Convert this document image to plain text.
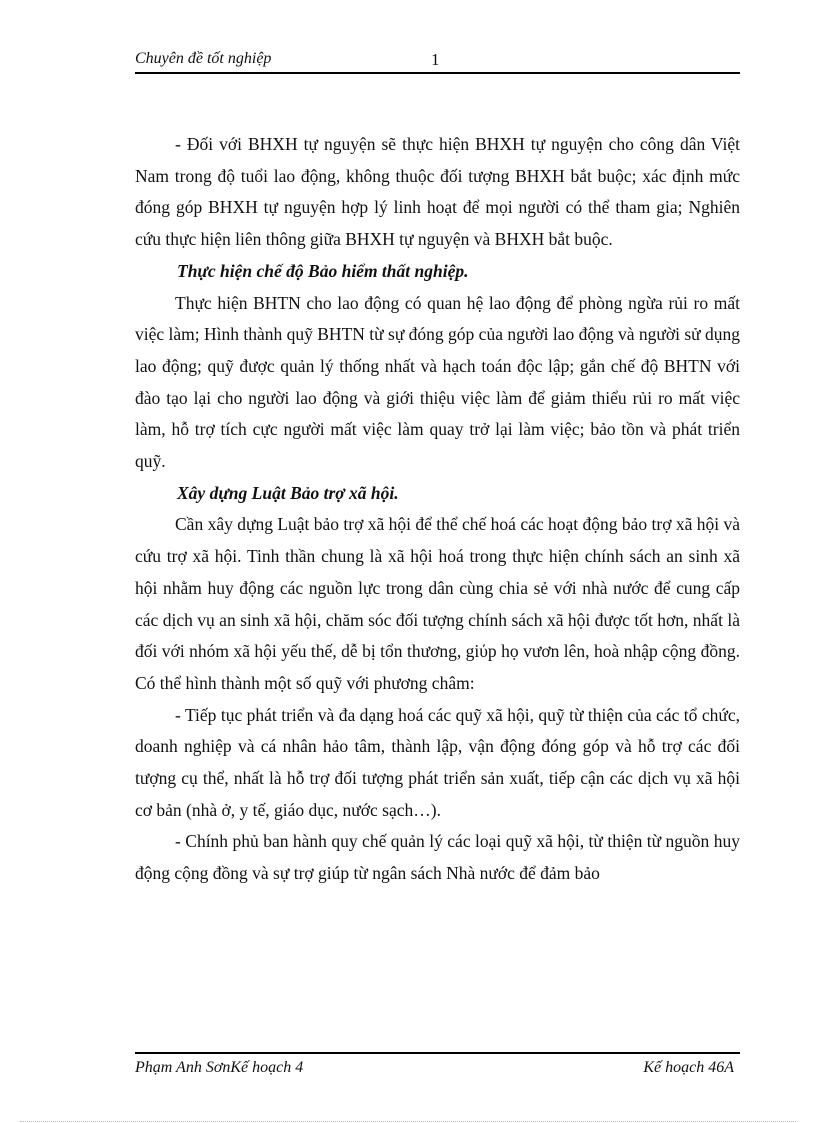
Chuyên đề tốt nghiệp	1

- Đối với BHXH tự nguyện sẽ thực hiện BHXH tự nguyện cho công dân Việt Nam trong độ tuổi lao động, không thuộc đối tượng BHXH bắt buộc; xác định mức đóng góp BHXH tự nguyện hợp lý linh hoạt để mọi người có thể tham gia; Nghiên cứu thực hiện liên thông giữa BHXH tự nguyện và BHXH bắt buộc.

Thực hiện chế độ Bảo hiểm thất nghiệp.

Thực hiện BHTN cho lao động có quan hệ lao động để phòng ngừa rủi ro mất việc làm; Hình thành quỹ BHTN từ sự đóng góp của người lao động và người sử dụng lao động; quỹ được quản lý thống nhất và hạch toán độc lập; gắn chế độ BHTN với đào tạo lại cho người lao động và giới thiệu việc làm để giảm thiểu rủi ro mất việc làm, hỗ trợ tích cực người mất việc làm quay trở lại làm việc; bảo tồn và phát triển quỹ.

Xây dựng Luật Bảo trợ xã hội.

Cần xây dựng Luật bảo trợ xã hội để thể chế hoá các hoạt động bảo trợ xã hội và cứu trợ xã hội. Tinh thần chung là xã hội hoá trong thực hiện chính sách an sinh xã hội nhằm huy động các nguồn lực trong dân cùng chia sẻ với nhà nước để cung cấp các dịch vụ an sinh xã hội, chăm sóc đối tượng chính sách xã hội được tốt hơn, nhất là đối với nhóm xã hội yếu thế, dễ bị tổn thương, giύp họ vươn lên, hoà nhập cộng đồng. Có thể hình thành một số quỹ với phương châm:

- Tiếp tục phát triển và đa dạng hoá các quỹ xã hội, quỹ từ thiện của các tổ chức, doanh nghiệp và cá nhân hảo tâm, thành lập, vận động đóng góp và hỗ trợ các đối tượng cụ thể, nhất là hỗ trợ đối tượng phát triển sản xuất, tiếp cận các dịch vụ xã hội cơ bản (nhà ở, y tế, giáo dục, nước sạch…).

- Chính phủ ban hành quy chế quản lý các loại quỹ xã hội, từ thiện từ nguồn huy động cộng đồng và sự trợ giúp từ ngân sách Nhà nước để đảm bảo

Phạm Anh SơnKế hoạch 4	Kế hoạch 46A
